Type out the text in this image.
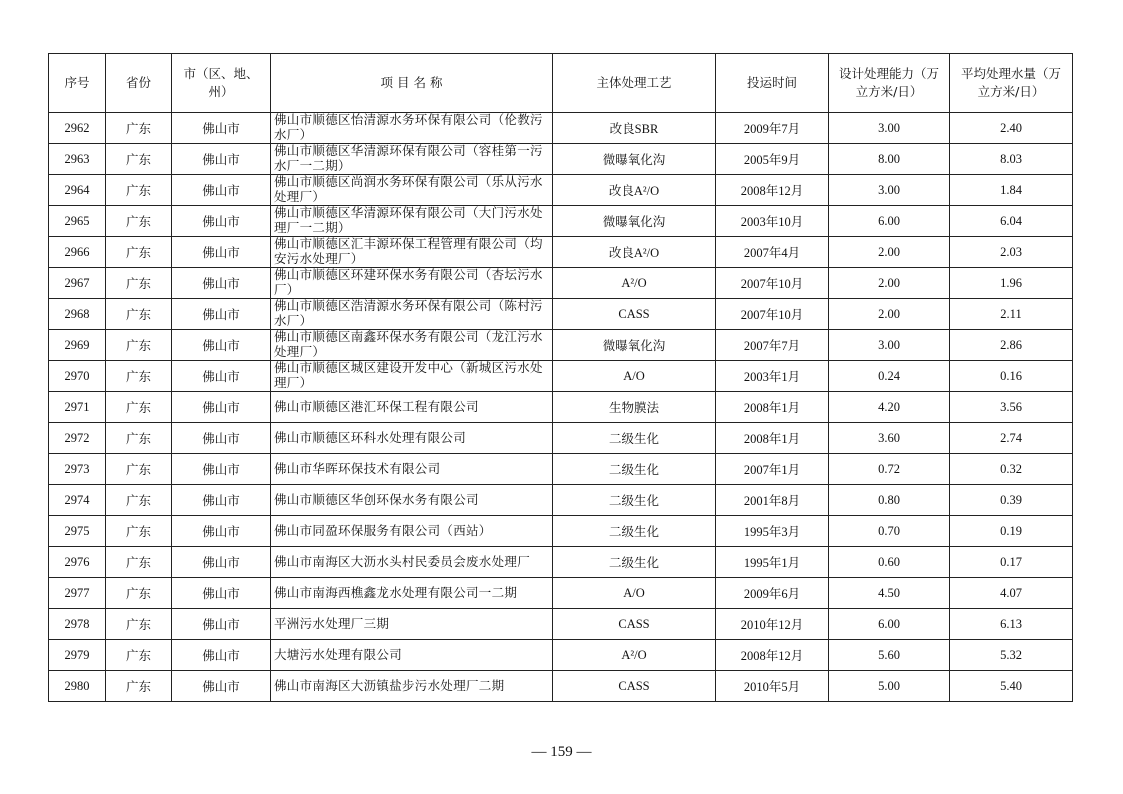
序号	省份	市（区、地、州）	项 目 名 称	主体处理工艺	投运时间	设计处理能力（万立方米/日）	平均处理水量（万立方米/日）
2962	广东	佛山市	佛山市顺德区怡清源水务环保有限公司（伦教污水厂）	改良SBR	2009年7月	3.00	2.40
2963	广东	佛山市	佛山市顺德区华清源环保有限公司（容桂第一污水厂一二期）	微曝氧化沟	2005年9月	8.00	8.03
2964	广东	佛山市	佛山市顺德区尚润水务环保有限公司（乐从污水处理厂）	改良A²/O	2008年12月	3.00	1.84
2965	广东	佛山市	佛山市顺德区华清源环保有限公司（大门污水处理厂一二期）	微曝氧化沟	2003年10月	6.00	6.04
2966	广东	佛山市	佛山市顺德区汇丰源环保工程管理有限公司（均安污水处理厂）	改良A²/O	2007年4月	2.00	2.03
2967	广东	佛山市	佛山市顺德区环建环保水务有限公司（杏坛污水厂）	A²/O	2007年10月	2.00	1.96
2968	广东	佛山市	佛山市顺德区浩清源水务环保有限公司（陈村污水厂）	CASS	2007年10月	2.00	2.11
2969	广东	佛山市	佛山市顺德区南鑫环保水务有限公司（龙江污水处理厂）	微曝氧化沟	2007年7月	3.00	2.86
2970	广东	佛山市	佛山市顺德区城区建设开发中心（新城区污水处理厂）	A/O	2003年1月	0.24	0.16
2971	广东	佛山市	佛山市顺德区港汇环保工程有限公司	生物膜法	2008年1月	4.20	3.56
2972	广东	佛山市	佛山市顺德区环科水处理有限公司	二级生化	2008年1月	3.60	2.74
2973	广东	佛山市	佛山市华晖环保技术有限公司	二级生化	2007年1月	0.72	0.32
2974	广东	佛山市	佛山市顺德区华创环保水务有限公司	二级生化	2001年8月	0.80	0.39
2975	广东	佛山市	佛山市同盈环保服务有限公司（西站）	二级生化	1995年3月	0.70	0.19
2976	广东	佛山市	佛山市南海区大沥水头村民委员会废水处理厂	二级生化	1995年1月	0.60	0.17
2977	广东	佛山市	佛山市南海西樵鑫龙水处理有限公司一二期	A/O	2009年6月	4.50	4.07
2978	广东	佛山市	平洲污水处理厂三期	CASS	2010年12月	6.00	6.13
2979	广东	佛山市	大塘污水处理有限公司	A²/O	2008年12月	5.60	5.32
2980	广东	佛山市	佛山市南海区大沥镇盐步污水处理厂二期	CASS	2010年5月	5.00	5.40
— 159 —
